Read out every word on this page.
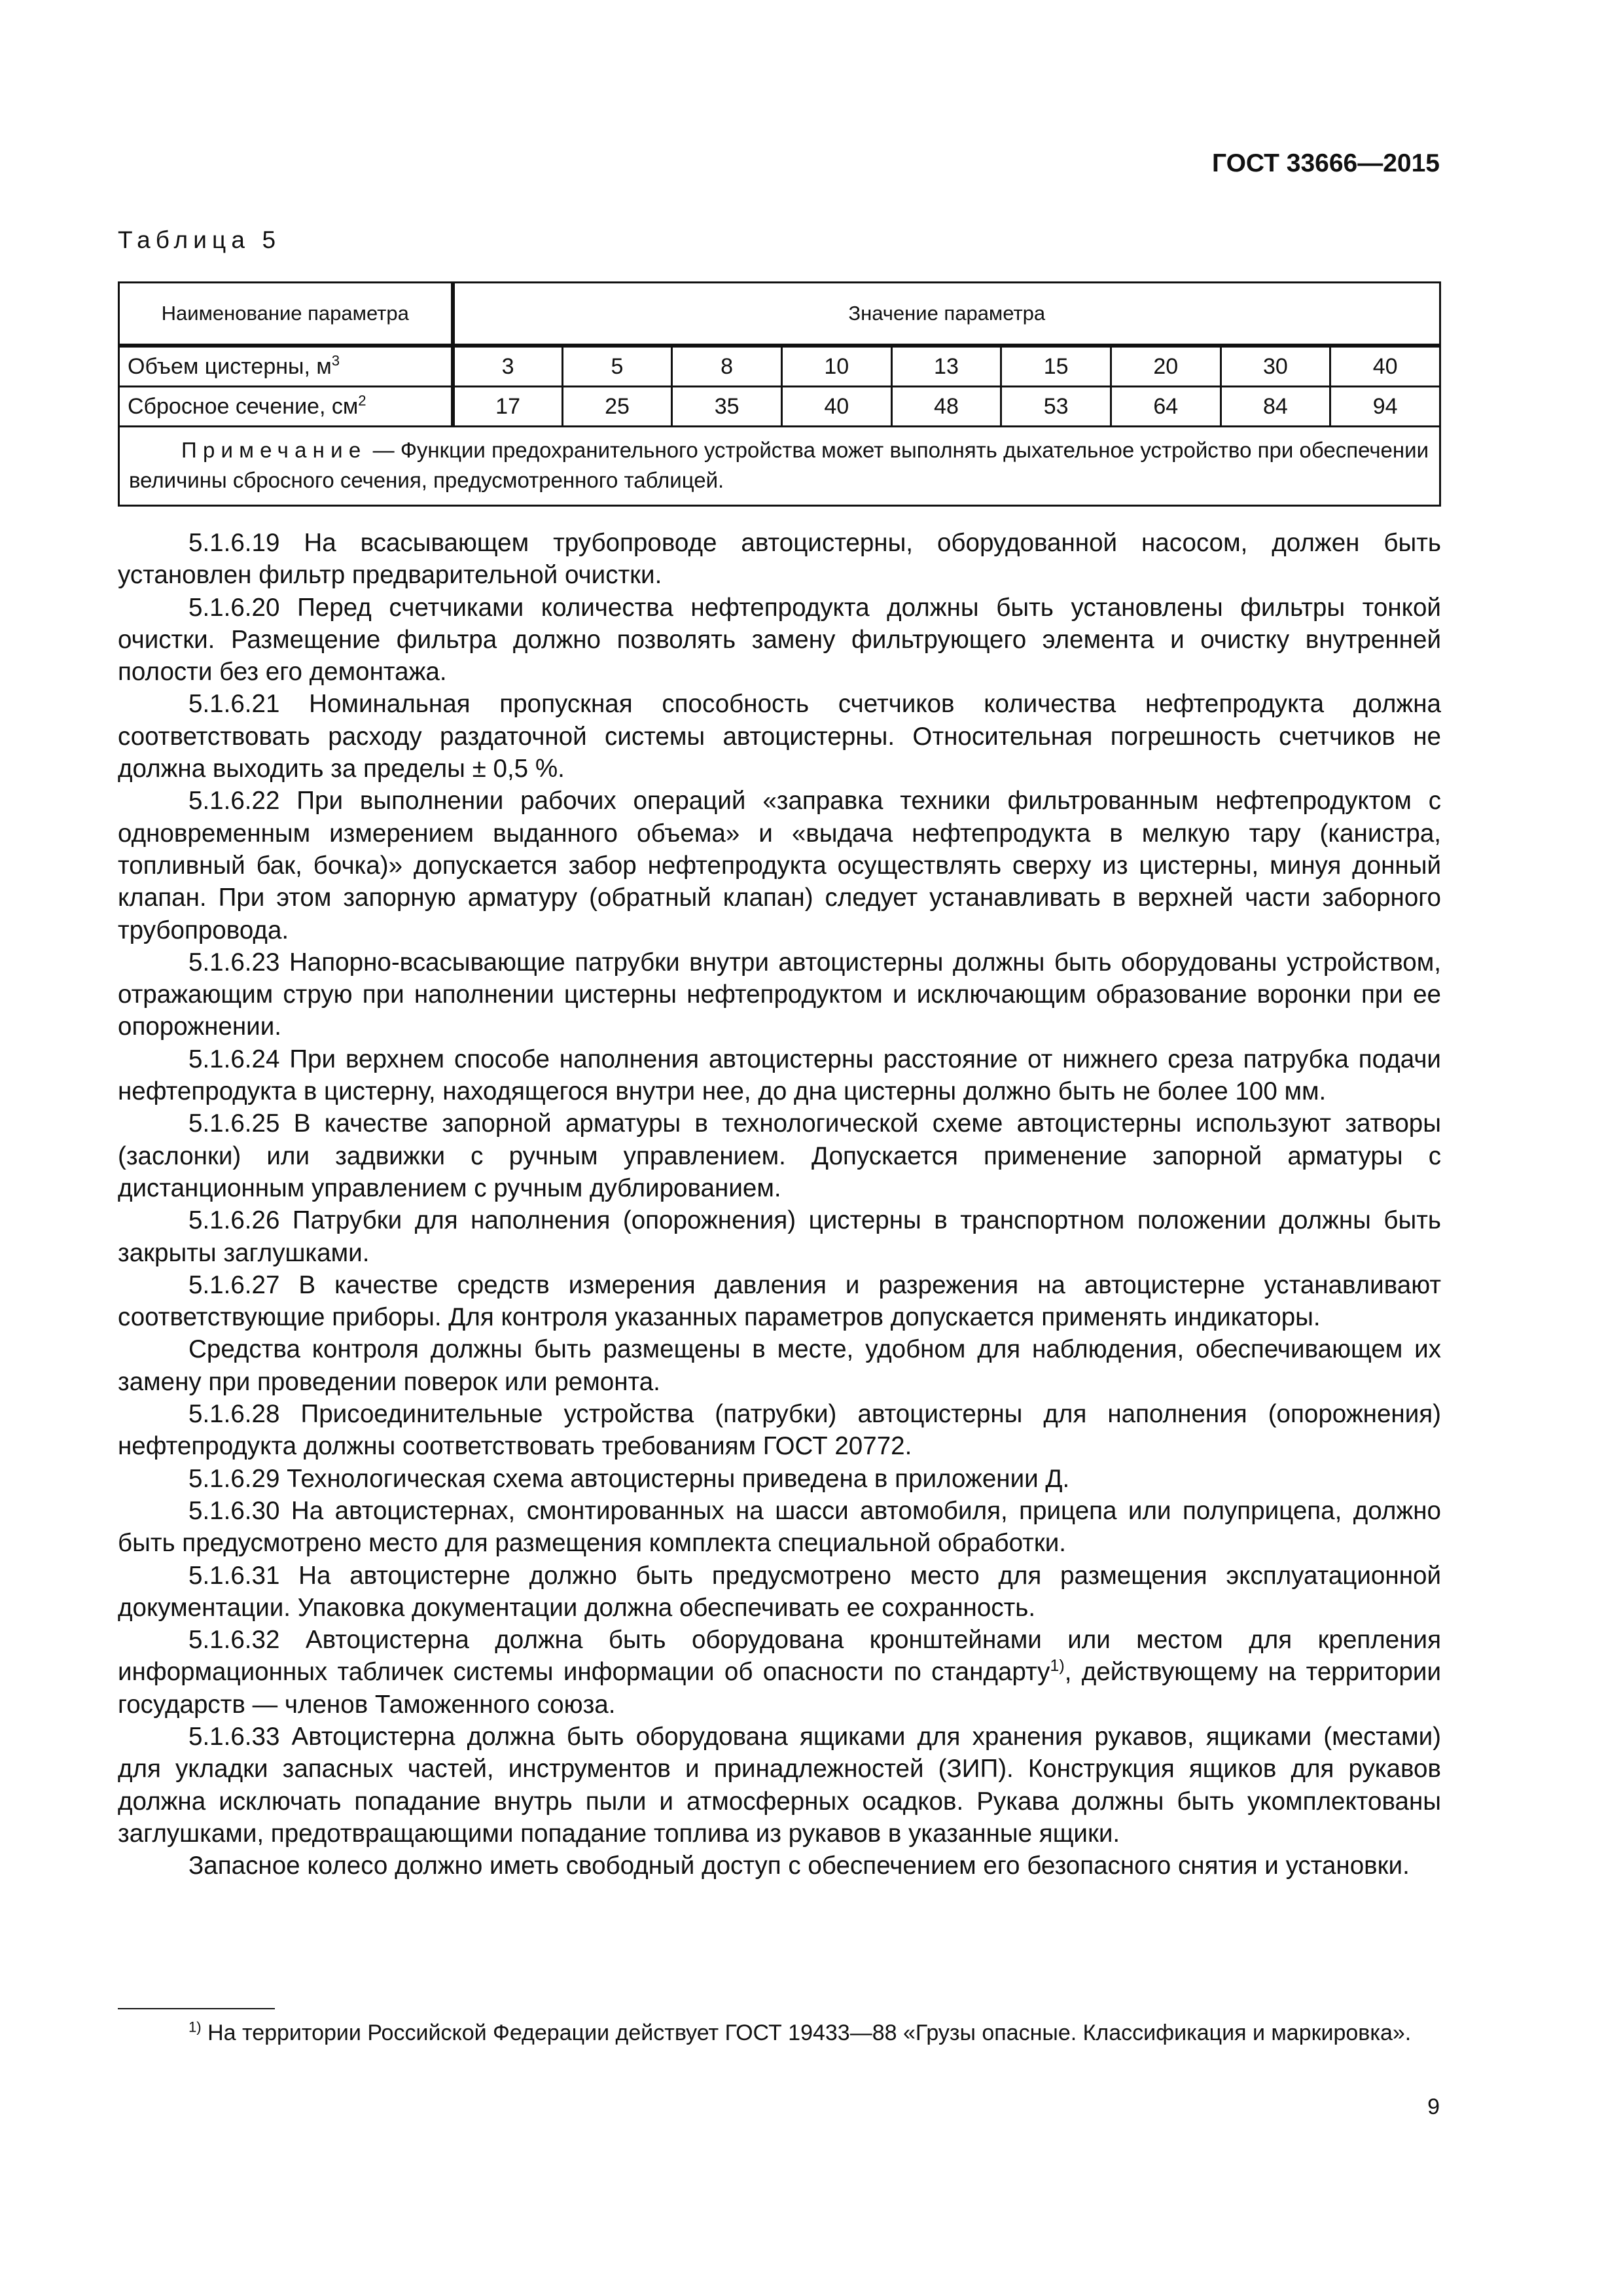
ГОСТ 33666—2015
Таблица 5
Наименование параметра	Значение параметра								
Объем цистерны, $м^3$	3	5	8	10	13	15	20	30	40
Сбросное сечение, $см^2$	17	25	35	40	48	53	64	84	94
Примечание — Функции предохранительного устройства может выполнять дыхательное устройство при обеспечении величины сбросного сечения, предусмотренного таблицей.									

5.1.6.19 На всасывающем трубопроводе автоцистерны, оборудованной насосом, должен быть установлен фильтр предварительной очистки.

5.1.6.20 Перед счетчиками количества нефтепродукта должны быть установлены фильтры тонкой очистки. Размещение фильтра должно позволять замену фильтрующего элемента и очистку внутренней полости без его демонтажа.

5.1.6.21 Номинальная пропускная способность счетчиков количества нефтепродукта должна соответствовать расходу раздаточной системы автоцистерны. Относительная погрешность счетчиков не должна выходить за пределы ± 0,5 %.

5.1.6.22 При выполнении рабочих операций «заправка техники фильтрованным нефтепродуктом с одновременным измерением выданного объема» и «выдача нефтепродукта в мелкую тару (канистра, топливный бак, бочка)» допускается забор нефтепродукта осуществлять сверху из цистерны, минуя донный клапан. При этом запорную арматуру (обратный клапан) следует устанавливать в верхней части заборного трубопровода.

5.1.6.23 Напорно-всасывающие патрубки внутри автоцистерны должны быть оборудованы устройством, отражающим струю при наполнении цистерны нефтепродуктом и исключающим образование воронки при ее опорожнении.

5.1.6.24 При верхнем способе наполнения автоцистерны расстояние от нижнего среза патрубка подачи нефтепродукта в цистерну, находящегося внутри нее, до дна цистерны должно быть не более 100 мм.

5.1.6.25 В качестве запорной арматуры в технологической схеме автоцистерны используют затворы (заслонки) или задвижки с ручным управлением. Допускается применение запорной арматуры с дистанционным управлением с ручным дублированием.

5.1.6.26 Патрубки для наполнения (опорожнения) цистерны в транспортном положении должны быть закрыты заглушками.

5.1.6.27 В качестве средств измерения давления и разрежения на автоцистерне устанавливают соответствующие приборы. Для контроля указанных параметров допускается применять индикаторы.

Средства контроля должны быть размещены в месте, удобном для наблюдения, обеспечивающем их замену при проведении поверок или ремонта.

5.1.6.28 Присоединительные устройства (патрубки) автоцистерны для наполнения (опорожнения) нефтепродукта должны соответствовать требованиям ГОСТ 20772.

5.1.6.29 Технологическая схема автоцистерны приведена в приложении Д.

5.1.6.30 На автоцистернах, смонтированных на шасси автомобиля, прицепа или полуприцепа, должно быть предусмотрено место для размещения комплекта специальной обработки.

5.1.6.31 На автоцистерне должно быть предусмотрено место для размещения эксплуатационной документации. Упаковка документации должна обеспечивать ее сохранность.

5.1.6.32 Автоцистерна должна быть оборудована кронштейнами или местом для крепления информационных табличек системы информации об опасности по стандарту$^{1)}$, действующему на территории государств — членов Таможенного союза.

5.1.6.33 Автоцистерна должна быть оборудована ящиками для хранения рукавов, ящиками (местами) для укладки запасных частей, инструментов и принадлежностей (ЗИП). Конструкция ящиков для рукавов должна исключать попадание внутрь пыли и атмосферных осадков. Рукава должны быть укомплектованы заглушками, предотвращающими попадание топлива из рукавов в указанные ящики.

Запасное колесо должно иметь свободный доступ с обеспечением его безопасного снятия и установки.

$^{1)}$ На территории Российской Федерации действует ГОСТ 19433—88 «Грузы опасные. Классификация и маркировка».
9
